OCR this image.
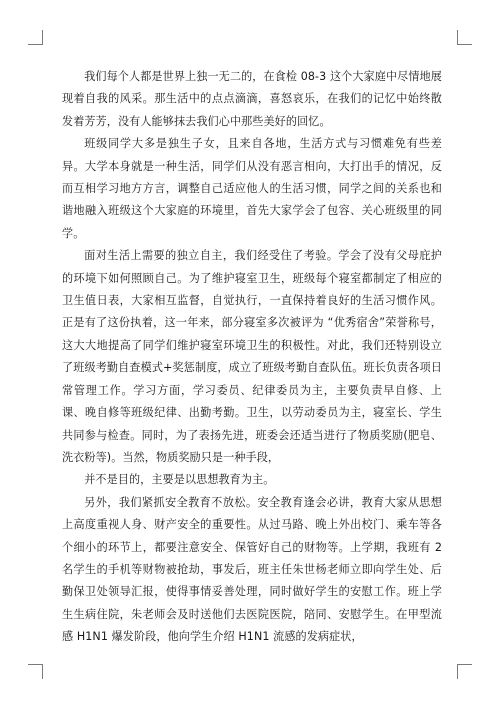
我们每个人都是世界上独一无二的，在食检 08-3 这个大家庭中尽情地展现着自我的风采。那生活中的点点滴滴，喜怒哀乐，在我们的记忆中始终散发着芳芳，没有人能够抹去我们心中那些美好的回忆。

班级同学大多是独生子女，且来自各地，生活方式与习惯难免有些差异。大学本身就是一种生活，同学们从没有恶言相向，大打出手的情况，反而互相学习地方方言，调整自己适应他人的生活习惯，同学之间的关系也和谐地融入班级这个大家庭的环境里，首先大家学会了包容、关心班级里的同学。

面对生活上需要的独立自主，我们经受住了考验。学会了没有父母庇护的环境下如何照顾自己。为了维护寝室卫生，班级每个寝室都制定了相应的卫生值日表，大家相互监督，自觉执行，一直保持着良好的生活习惯作风。正是有了这份执着，这一年来，部分寝室多次被评为 “优秀宿舍”荣誉称号，这大大地提高了同学们维护寝室环境卫生的积极性。对此，我们还特别设立了班级考勤自查模式+奖惩制度，成立了班级考勤自查队伍。班长负责各项日常管理工作。学习方面，学习委员、纪律委员为主，主要负责早自修、上课、晚自修等班级纪律、出勤考勤。卫生，以劳动委员为主，寝室长、学生共同参与检查。同时，为了表扬先进，班委会还适当进行了物质奖励(肥皂、洗衣粉等)。当然，物质奖励只是一种手段，

并不是目的，主要是以思想教育为主。

另外，我们紧抓安全教育不放松。安全教育逢会必讲，教育大家从思想上高度重视人身、财产安全的重要性。从过马路、晚上外出校门、乘车等各个细小的环节上，都要注意安全、保管好自己的财物等。上学期，我班有 2 名学生的手机等财物被抢劫，事发后，班主任朱世杨老师立即向学生处、后勤保卫处领导汇报，使得事情妥善处理，同时做好学生的安慰工作。班上学生生病住院，朱老师会及时送他们去医院医院，陪同、安慰学生。在甲型流感 H1N1 爆发阶段，他向学生介绍 H1N1 流感的发病症状，
